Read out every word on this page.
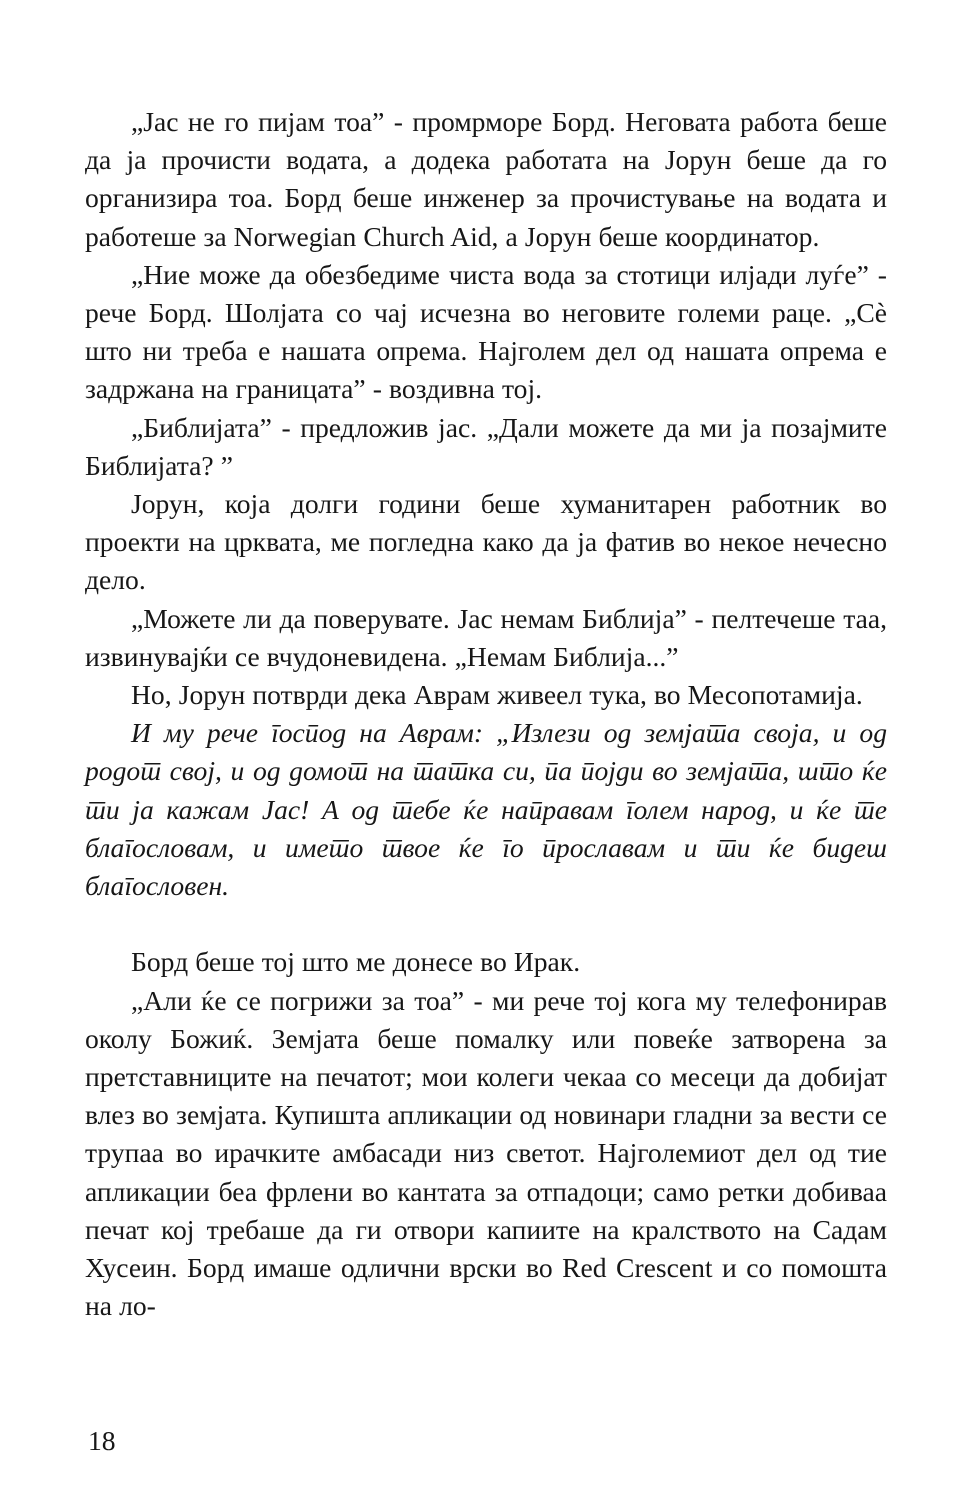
„Јас не го пијам тоа” - промрморе Борд. Неговата работа беше да ја прочисти водата, а додека работата на Јорун беше да го организира тоа. Борд беше инженер за прочистување на водата и работеше за Norwegian Church Aid, а Јорун беше координатор.

„Ние може да обезбедиме чиста вода за стотици илјади луѓе” - рече Борд. Шолјата со чај исчезна во неговите големи раце. „Сѐ што ни треба е нашата опрема. Најголем дел од нашата опрема е задржана на границата” - воздивна тој.

„Библијата” - предложив јас. „Дали можете да ми ја позајмите Библијата? ”

Јорун, која долги години беше хуманитарен работник во проекти на црквата, ме погледна како да ја фатив во некое нечесно дело.

„Можете ли да поверувате. Јас немам Библија” - пелтечеше таа, извинувајќи се вчудоневидена. „Немам Библија...”

Но, Јорун потврди дека Аврам живеел тука, во Месопотамија.

И му рече господ на Аврам: „Излези од земјата своја, и од родот свој, и од домот на татка си, па појди во земјата, што ќе ти ја кажам Јас! А од тебе ќе направам голем народ, и ќе те благословам, и името твое ќе го прославам и ти ќе бидеш благословен.

Борд беше тој што ме донесе во Ирак.

„Али ќе се погрижи за тоа” - ми рече тој кога му телефонирав околу Божиќ. Земјата беше помалку или повеќе затворена за претставниците на печатот; мои колеги чекаа со месеци да добијат влез во земјата. Купишта апликации од новинари гладни за вести се трупаа во ирачките амбасади низ светот. Најголемиот дел од тие апликации беа фрлени во кантата за отпадоци; само ретки добиваа печат кој требаше да ги отвори капиите на кралството на Садам Хусеин. Борд имаше одлични врски во Red Crescent и со помошта на ло-

18
